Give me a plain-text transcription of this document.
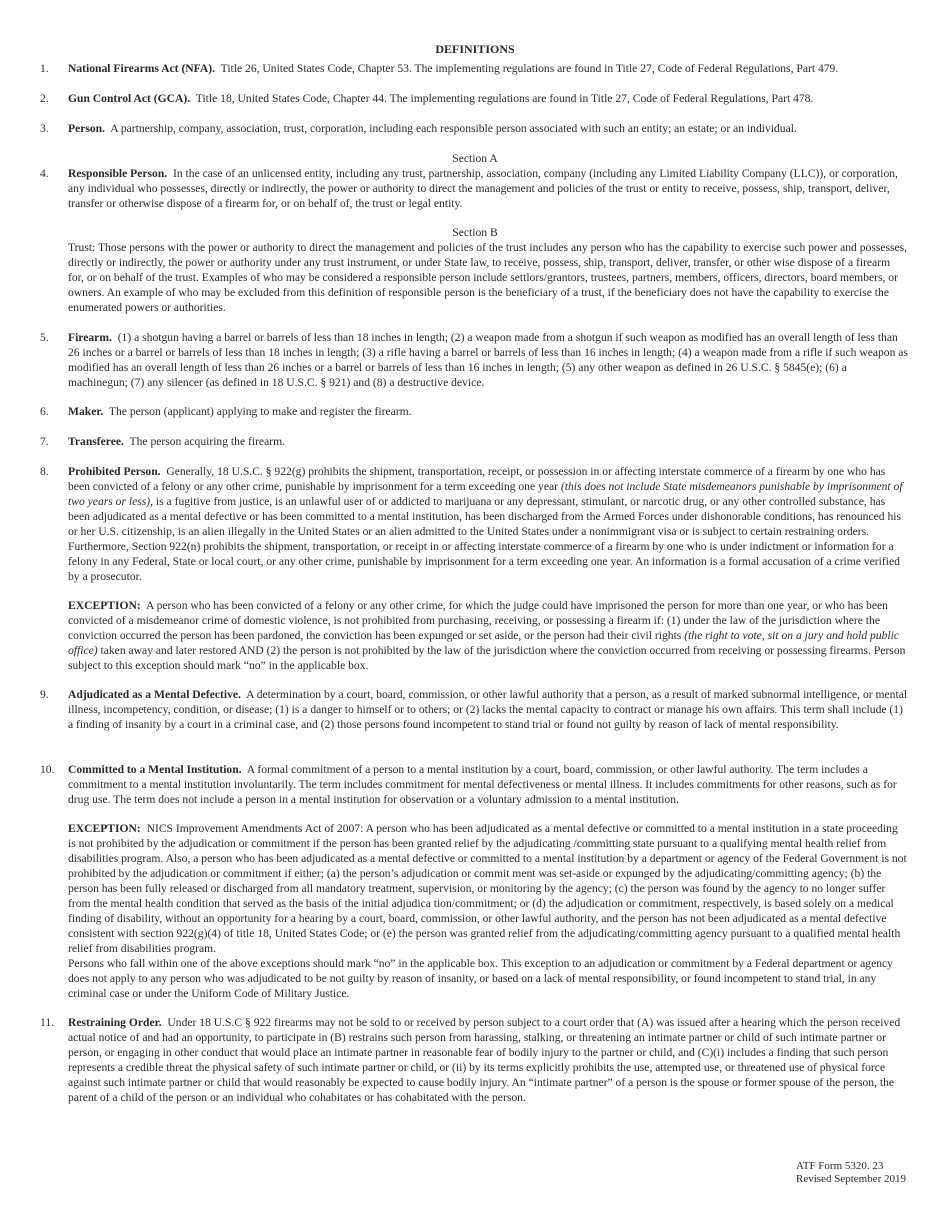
DEFINITIONS
1.	National Firearms Act (NFA). Title 26, United States Code, Chapter 53. The implementing regulations are found in Title 27, Code of Federal Regulations, Part 479.
2.	Gun Control Act (GCA). Title 18, United States Code, Chapter 44. The implementing regulations are found in Title 27, Code of Federal Regulations, Part 478.
3.	Person. A partnership, company, association, trust, corporation, including each responsible person associated with such an entity; an estate; or an individual.
Section A
4.	Responsible Person. In the case of an unlicensed entity, including any trust, partnership, association, company (including any Limited Liability Company (LLC)), or corporation, any individual who possesses, directly or indirectly, the power or authority to direct the management and policies of the trust or entity to receive, possess, ship, transport, deliver, transfer or otherwise dispose of a firearm for, or on behalf of, the trust or legal entity.
Section B
Trust: Those persons with the power or authority to direct the management and policies of the trust includes any person who has the capability to exercise such power and possesses, directly or indirectly, the power or authority under any trust instrument, or under State law, to receive, possess, ship, transport, deliver, transfer, or other wise dispose of a firearm for, or on behalf of the trust. Examples of who may be considered a responsible person include settlors/grantors, trustees, partners, members, officers, directors, board members, or owners. An example of who may be excluded from this definition of responsible person is the beneficiary of a trust, if the beneficiary does not have the capability to exercise the enumerated powers or authorities.
5.	Firearm. (1) a shotgun having a barrel or barrels of less than 18 inches in length; (2) a weapon made from a shotgun if such weapon as modified has an overall length of less than 26 inches or a barrel or barrels of less than 18 inches in length; (3) a rifle having a barrel or barrels of less than 16 inches in length; (4) a weapon made from a rifle if such weapon as modified has an overall length of less than 26 inches or a barrel or barrels of less than 16 inches in length; (5) any other weapon as defined in 26 U.S.C. § 5845(e); (6) a machinegun; (7) any silencer (as defined in 18 U.S.C. § 921) and (8) a destructive device.
6.	Maker. The person (applicant) applying to make and register the firearm.
7.	Transferee. The person acquiring the firearm.
8.	Prohibited Person. Generally, 18 U.S.C. § 922(g) prohibits the shipment, transportation, receipt, or possession in or affecting interstate commerce of a firearm by one who has been convicted of a felony or any other crime, punishable by imprisonment for a term exceeding one year (this does not include State misdemeanors punishable by imprisonment of two years or less), is a fugitive from justice, is an unlawful user of or addicted to marijuana or any depressant, stimulant, or narcotic drug, or any other controlled substance, has been adjudicated as a mental defective or has been committed to a mental institution, has been discharged from the Armed Forces under dishonorable conditions, has renounced his or her U.S. citizenship, is an alien illegally in the United States or an alien admitted to the United States under a nonimmigrant visa or is subject to certain restraining orders. Furthermore, Section 922(n) prohibits the shipment, transportation, or receipt in or affecting interstate commerce of a firearm by one who is under indictment or information for a felony in any Federal, State or local court, or any other crime, punishable by imprisonment for a term exceeding one year. An information is a formal accusation of a crime verified by a prosecutor.
EXCEPTION: A person who has been convicted of a felony or any other crime, for which the judge could have imprisoned the person for more than one year, or who has been convicted of a misdemeanor crime of domestic violence, is not prohibited from purchasing, receiving, or possessing a firearm if: (1) under the law of the jurisdiction where the conviction occurred the person has been pardoned, the conviction has been expunged or set aside, or the person had their civil rights (the right to vote, sit on a jury and hold public office) taken away and later restored AND (2) the person is not prohibited by the law of the jurisdiction where the conviction occurred from receiving or possessing firearms. Person subject to this exception should mark “no” in the applicable box.
9.	Adjudicated as a Mental Defective. A determination by a court, board, commission, or other lawful authority that a person, as a result of marked subnormal intelligence, or mental illness, incompetency, condition, or disease; (1) is a danger to himself or to others; or (2) lacks the mental capacity to contract or manage his own affairs. This term shall include (1) a finding of insanity by a court in a criminal case, and (2) those persons found incompetent to stand trial or found not guilty by reason of lack of mental responsibility.
10.	Committed to a Mental Institution. A formal commitment of a person to a mental institution by a court, board, commission, or other lawful authority. The term includes a commitment to a mental institution involuntarily. The term includes commitment for mental defectiveness or mental illness. It includes commitments for other reasons, such as for drug use. The term does not include a person in a mental institution for observation or a voluntary admission to a mental institution.
EXCEPTION: NICS Improvement Amendments Act of 2007: A person who has been adjudicated as a mental defective or committed to a mental institution in a state proceeding is not prohibited by the adjudication or commitment if the person has been granted relief by the adjudicating /committing state pursuant to a qualifying mental health relief from disabilities program. Also, a person who has been adjudicated as a mental defective or committed to a mental institution by a department or agency of the Federal Government is not prohibited by the adjudication or commitment if either; (a) the person’s adjudication or commit ment was set-aside or expunged by the adjudicating/committing agency; (b) the person has been fully released or discharged from all mandatory treatment, supervision, or monitoring by the agency; (c) the person was found by the agency to no longer suffer from the mental health condition that served as the basis of the initial adjudica tion/commitment; or (d) the adjudication or commitment, respectively, is based solely on a medical finding of disability, without an opportunity for a hearing by a court, board, commission, or other lawful authority, and the person has not been adjudicated as a mental defective consistent with section 922(g)(4) of title 18, United States Code; or (e) the person was granted relief from the adjudicating/committing agency pursuant to a qualified mental health relief from disabilities program.
Persons who fall within one of the above exceptions should mark “no” in the applicable box. This exception to an adjudication or commitment by a Federal department or agency does not apply to any person who was adjudicated to be not guilty by reason of insanity, or based on a lack of mental responsibility, or found incompetent to stand trial, in any criminal case or under the Uniform Code of Military Justice.
11.	Restraining Order. Under 18 U.S.C § 922 firearms may not be sold to or received by person subject to a court order that (A) was issued after a hearing which the person received actual notice of and had an opportunity, to participate in (B) restrains such person from harassing, stalking, or threatening an intimate partner or child of such intimate partner or person, or engaging in other conduct that would place an intimate partner in reasonable fear of bodily injury to the partner or child, and (C)(i) includes a finding that such person represents a credible threat the physical safety of such intimate partner or child, or (ii) by its terms explicitly prohibits the use, attempted use, or threatened use of physical force against such intimate partner or child that would reasonably be expected to cause bodily injury. An “intimate partner” of a person is the spouse or former spouse of the person, the parent of a child of the person or an individual who cohabitates or has cohabitated with the person.
ATF Form 5320. 23
Revised September 2019
